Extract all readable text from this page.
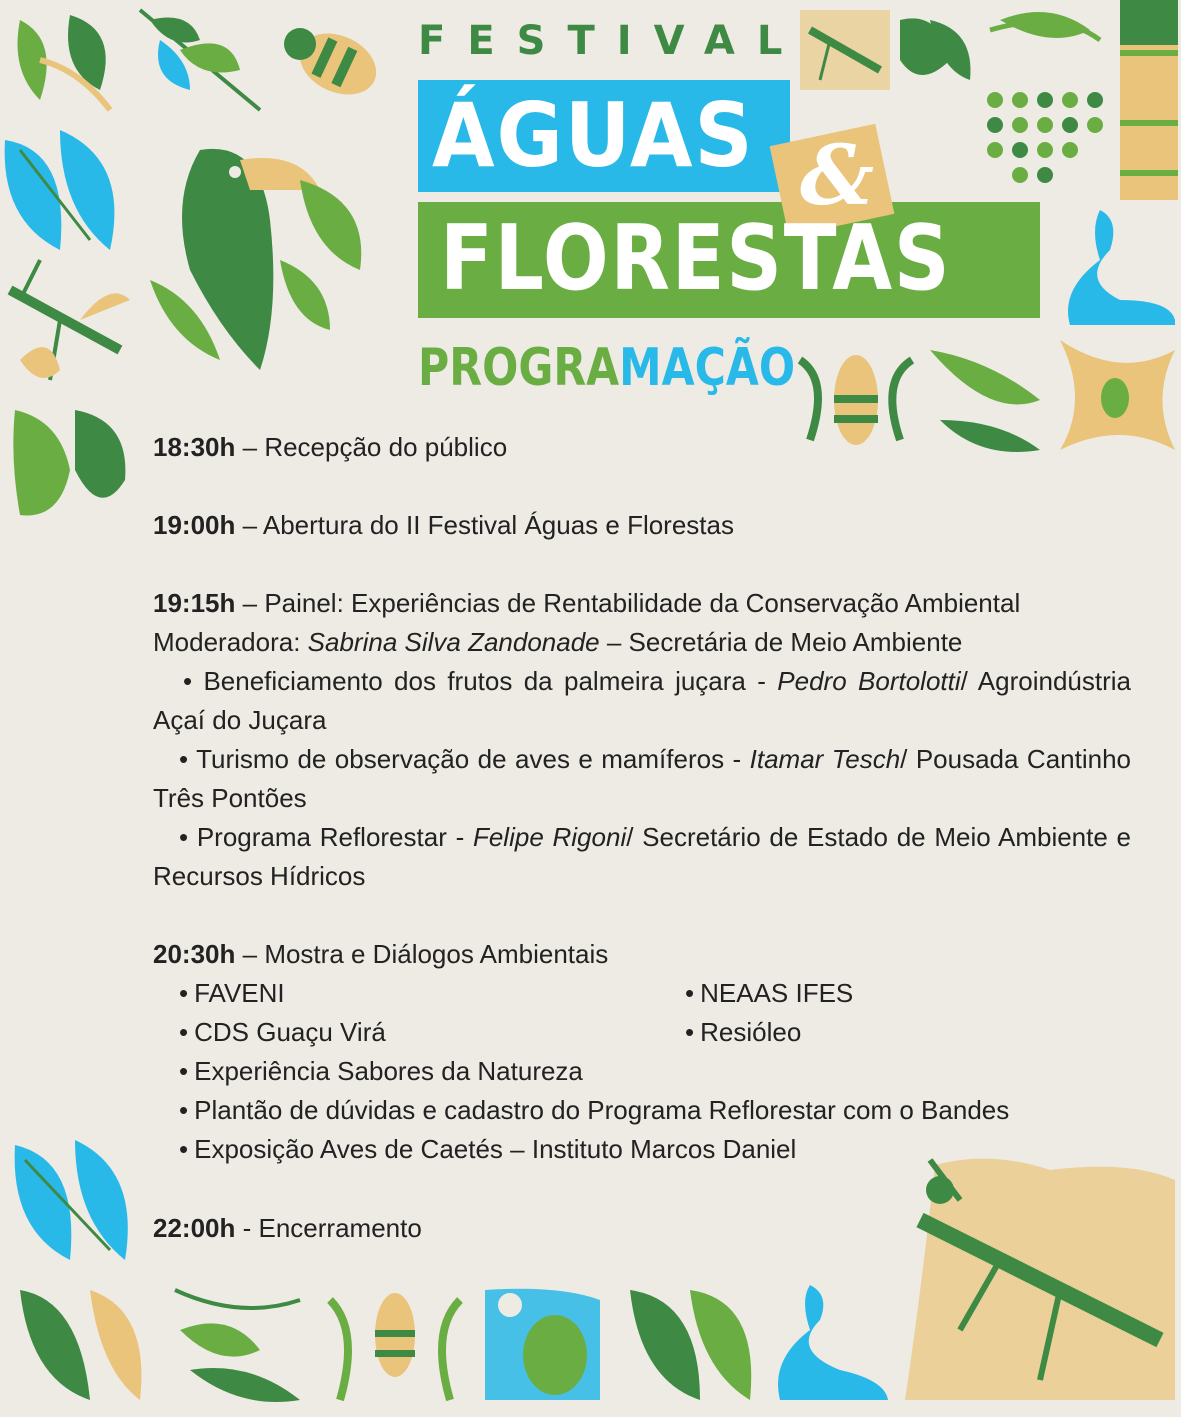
FESTIVAL
ÁGUAS
FLORESTAS
&
PROGRAMAÇÃO

18:30h – Recepção do público

19:00h – Abertura do II Festival Águas e Florestas

19:15h – Painel: Experiências de Rentabilidade da Conservação Ambiental

Moderadora: Sabrina Silva Zandonade – Secretária de Meio Ambiente

• Beneficiamento dos frutos da palmeira juçara - Pedro Bortolotti/ Agroindústria Açaí do Juçara

• Turismo de observação de aves e mamíferos - Itamar Tesch/ Pousada Cantinho Três Pontões

• Programa Reflorestar - Felipe Rigoni/ Secretário de Estado de Meio Ambiente e Recursos Hídricos

20:30h – Mostra e Diálogos Ambientais

• FAVENI
• CDS Guaçu Virá
• NEAAS IFES
• Resióleo
• Experiência Sabores da Natureza
• Plantão de dúvidas e cadastro do Programa Reflorestar com o Bandes
• Exposição Aves de Caetés – Instituto Marcos Daniel

22:00h - Encerramento
